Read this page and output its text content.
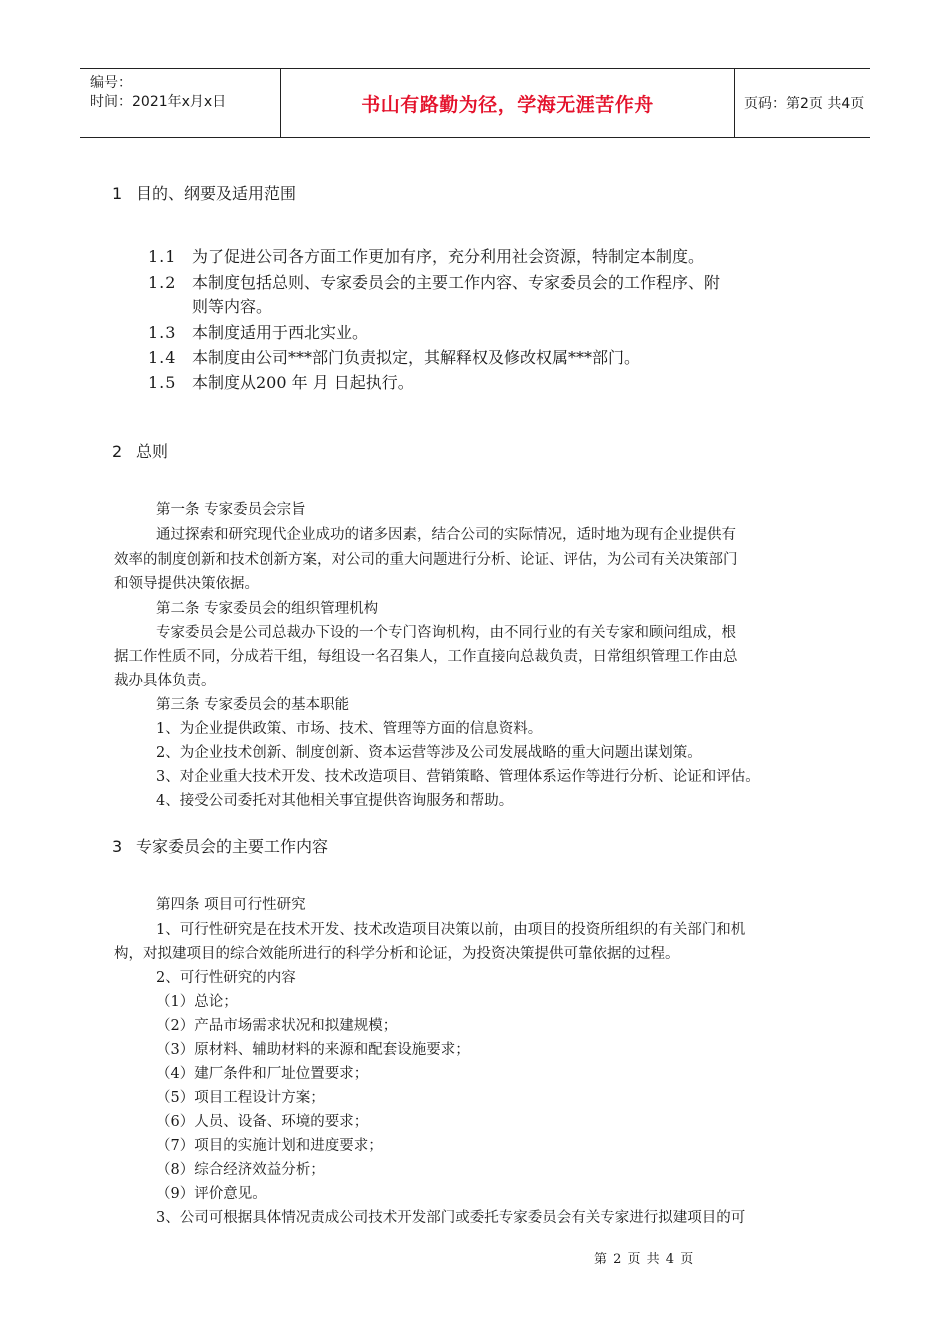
编号：
时间：2021年x月x日	书山有路勤为径，学海无涯苦作舟	页码：第2页 共4页
1 目的、纲要及适用范围
1.1 为了促进公司各方面工作更加有序，充分利用社会资源，特制定本制度。
1.2 本制度包括总则、专家委员会的主要工作内容、专家委员会的工作程序、附
则等内容。
1.3 本制度适用于西北实业。
1.4 本制度由公司***部门负责拟定，其解释权及修改权属***部门。
1.5 本制度从200 年 月 日起执行。
2 总则
第一条 专家委员会宗旨
通过探索和研究现代企业成功的诸多因素，结合公司的实际情况，适时地为现有企业提供有
效率的制度创新和技术创新方案，对公司的重大问题进行分析、论证、评估，为公司有关决策部门
和领导提供决策依据。
第二条 专家委员会的组织管理机构
专家委员会是公司总裁办下设的一个专门咨询机构，由不同行业的有关专家和顾问组成，根
据工作性质不同，分成若干组，每组设一名召集人，工作直接向总裁负责，日常组织管理工作由总
裁办具体负责。
第三条 专家委员会的基本职能
1、为企业提供政策、市场、技术、管理等方面的信息资料。
2、为企业技术创新、制度创新、资本运营等涉及公司发展战略的重大问题出谋划策。
3、对企业重大技术开发、技术改造项目、营销策略、管理体系运作等进行分析、论证和评估。
4、接受公司委托对其他相关事宜提供咨询服务和帮助。
3 专家委员会的主要工作内容
第四条 项目可行性研究
1、可行性研究是在技术开发、技术改造项目决策以前，由项目的投资所组织的有关部门和机
构，对拟建项目的综合效能所进行的科学分析和论证，为投资决策提供可靠依据的过程。
2、可行性研究的内容
（1）总论；
（2）产品市场需求状况和拟建规模；
（3）原材料、辅助材料的来源和配套设施要求；
（4）建厂条件和厂址位置要求；
（5）项目工程设计方案；
（6）人员、设备、环境的要求；
（7）项目的实施计划和进度要求；
（8）综合经济效益分析；
（9）评价意见。
3、公司可根据具体情况责成公司技术开发部门或委托专家委员会有关专家进行拟建项目的可
第 2 页 共 4 页
